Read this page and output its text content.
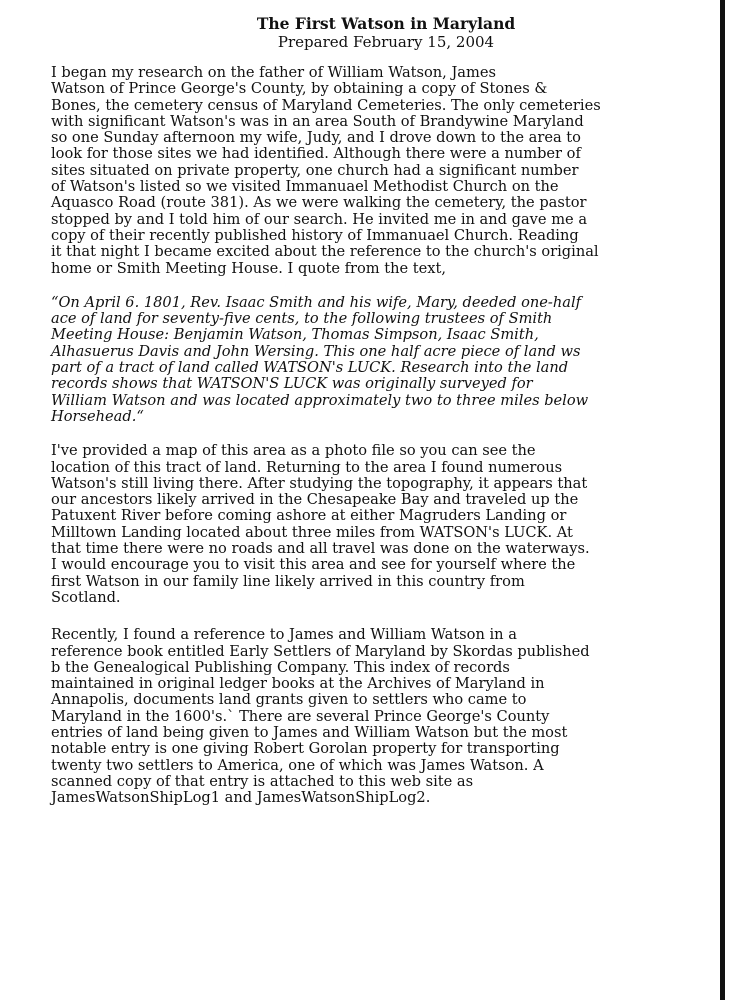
The First Watson in Maryland

Prepared February 15, 2004

I began my research on the father of William Watson, James
Watson of Prince George's County, by obtaining a copy of Stones &
Bones, the cemetery census of Maryland Cemeteries. The only cemeteries
with significant Watson's was in an area South of Brandywine Maryland
so one Sunday afternoon my wife, Judy, and I drove down to the area to
look for those sites we had identified. Although there were a number of
sites situated on private property, one church had a significant number
of Watson's listed so we visited Immanuael Methodist Church on the
Aquasco Road (route 381). As we were walking the cemetery, the pastor
stopped by and I told him of our search. He invited me in and gave me a
copy of their recently published history of Immanuael Church. Reading
it that night I became excited about the reference to the church's original
home or Smith Meeting House. I quote from the text,

“On April 6. 1801, Rev. Isaac Smith and his wife, Mary, deeded one-half
ace of land for seventy-five cents, to the following trustees of Smith
Meeting House: Benjamin Watson, Thomas Simpson, Isaac Smith,
Alhasuerus Davis and John Wersing. This one half acre piece of land ws
part of a tract of land called WATSON's LUCK. Research into the land
records shows that WATSON'S LUCK was originally surveyed for
William Watson and was located approximately two to three miles below
Horsehead.“

I've provided a map of this area as a photo file so you can see the
location of this tract of land. Returning to the area I found numerous
Watson's still living there. After studying the topography, it appears that
our ancestors likely arrived in the Chesapeake Bay and traveled up the
Patuxent River before coming ashore at either Magruders Landing or
Milltown Landing located about three miles from WATSON's LUCK. At
that time there were no roads and all travel was done on the waterways.
I would encourage you to visit this area and see for yourself where the
first Watson in our family line likely arrived in this country from
Scotland.

Recently, I found a reference to James and William Watson in a
reference book entitled Early Settlers of Maryland by Skordas published
b the Genealogical Publishing Company. This index of records
maintained in original ledger books at the Archives of Maryland in
Annapolis, documents land grants given to settlers who came to
Maryland in the 1600's.` There are several Prince George's County
entries of land being given to James and William Watson but the most
notable entry is one giving Robert Gorolan property for transporting
twenty two settlers to America, one of which was James Watson. A
scanned copy of that entry is attached to this web site as
JamesWatsonShipLog1 and JamesWatsonShipLog2.
